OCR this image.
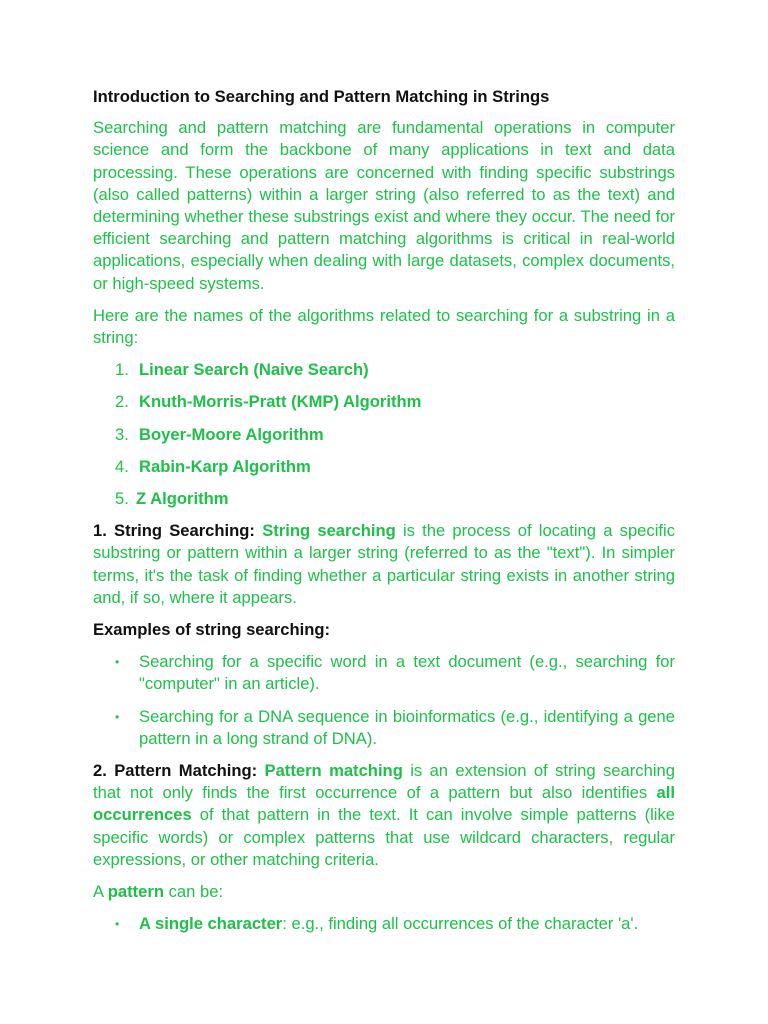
Introduction to Searching and Pattern Matching in Strings

Searching and pattern matching are fundamental operations in computer science and form the backbone of many applications in text and data processing. These operations are concerned with finding specific substrings (also called patterns) within a larger string (also referred to as the text) and determining whether these substrings exist and where they occur. The need for efficient searching and pattern matching algorithms is critical in real-world applications, especially when dealing with large datasets, complex documents, or high-speed systems.

Here are the names of the algorithms related to searching for a substring in a string:

1. Linear Search (Naive Search)
2. Knuth-Morris-Pratt (KMP) Algorithm
3. Boyer-Moore Algorithm
4. Rabin-Karp Algorithm
5. Z Algorithm

1. String Searching: String searching is the process of locating a specific substring or pattern within a larger string (referred to as the "text"). In simpler terms, it's the task of finding whether a particular string exists in another string and, if so, where it appears.

Examples of string searching:
• Searching for a specific word in a text document (e.g., searching for "computer" in an article).
• Searching for a DNA sequence in bioinformatics (e.g., identifying a gene pattern in a long strand of DNA).

2. Pattern Matching: Pattern matching is an extension of string searching that not only finds the first occurrence of a pattern but also identifies all occurrences of that pattern in the text. It can involve simple patterns (like specific words) or complex patterns that use wildcard characters, regular expressions, or other matching criteria.

A pattern can be:

• A single character: e.g., finding all occurrences of the character 'a'.
